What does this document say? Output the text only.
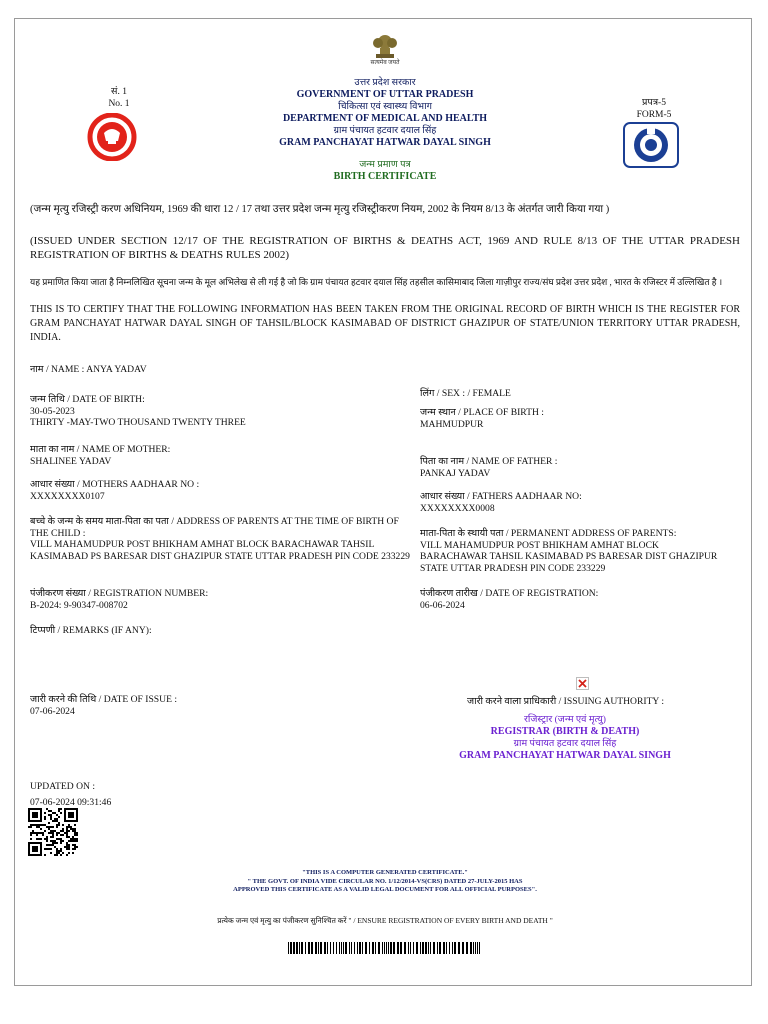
सत्यमेव जयते
सं. 1
No. 1
उत्तर प्रदेश सरकार
GOVERNMENT OF UTTAR PRADESH
चिकित्सा एवं स्वास्थ्य विभाग
DEPARTMENT OF MEDICAL AND HEALTH
ग्राम पंचायत हटवार दयाल सिंह
GRAM PANCHAYAT HATWAR DAYAL SINGH
जन्म प्रमाण पत्र
BIRTH CERTIFICATE
प्रपत्र-5
FORM-5
(जन्म मृत्यु रजिस्ट्री करण अधिनियम, 1969 की धारा 12 / 17 तथा उत्तर प्रदेश जन्म मृत्यु रजिस्ट्रीकरण नियम, 2002 के नियम 8/13 के अंतर्गत जारी किया गया )
(ISSUED UNDER SECTION 12/17 OF THE REGISTRATION OF BIRTHS & DEATHS ACT, 1969 AND RULE 8/13 OF THE UTTAR PRADESH REGISTRATION OF BIRTHS & DEATHS RULES 2002)
यह प्रमाणित किया जाता है निम्नलिखित सूचना जन्म के मूल अभिलेख से ली गई है जो कि ग्राम पंचायत हटवार दयाल सिंह तहसील कासिमाबाद जिला गाज़ीपुर राज्य/संघ प्रदेश उत्तर प्रदेश , भारत के रजिस्टर में उल्लिखित है ।
THIS IS TO CERTIFY THAT THE FOLLOWING INFORMATION HAS BEEN TAKEN FROM THE ORIGINAL RECORD OF BIRTH WHICH IS THE REGISTER FOR GRAM PANCHAYAT HATWAR DAYAL SINGH OF TAHSIL/BLOCK KASIMABAD OF DISTRICT GHAZIPUR OF STATE/UNION TERRITORY UTTAR PRADESH, INDIA.
नाम / NAME : ANYA YADAV
लिंग / SEX : / FEMALE
जन्म तिथि / DATE OF BIRTH:
30-05-2023
THIRTY -MAY-TWO THOUSAND TWENTY THREE
जन्म स्थान / PLACE OF BIRTH :
MAHMUDPUR
माता का नाम / NAME OF MOTHER:
SHALINEE YADAV	पिता का नाम / NAME OF FATHER :
PANKAJ YADAV
आधार संख्या / MOTHERS AADHAAR NO :
XXXXXXXX0107	आधार संख्या / FATHERS AADHAAR NO:
XXXXXXXX0008
बच्चे के जन्म के समय माता-पिता का पता / ADDRESS OF PARENTS AT THE TIME OF BIRTH OF THE CHILD :
VILL MAHAMUDPUR POST BHIKHAM AMHAT BLOCK BARACHAWAR TAHSIL KASIMABAD PS BARESAR DIST GHAZIPUR STATE UTTAR PRADESH PIN CODE 233229
माता-पिता के स्थायी पता / PERMANENT ADDRESS OF PARENTS:
VILL MAHAMUDPUR POST BHIKHAM AMHAT BLOCK BARACHAWAR TAHSIL KASIMABAD PS BARESAR DIST GHAZIPUR STATE UTTAR PRADESH PIN CODE 233229
पंजीकरण संख्या / REGISTRATION NUMBER:
B-2024: 9-90347-008702
पंजीकरण तारीख / DATE OF REGISTRATION:
06-06-2024
टिप्पणी / REMARKS (IF ANY):
जारी करने वाला प्राधिकारी / ISSUING AUTHORITY :
जारी करने की तिथि / DATE OF ISSUE :
07-06-2024
रजिस्ट्रार (जन्म एवं मृत्यु)
REGISTRAR (BIRTH & DEATH)
ग्राम पंचायत हटवार दयाल सिंह
GRAM PANCHAYAT HATWAR DAYAL SINGH
UPDATED ON :
07-06-2024 09:31:46
"THIS IS A COMPUTER GENERATED CERTIFICATE."
" THE GOVT. OF INDIA VIDE CIRCULAR NO. 1/12/2014-VS(CRS) DATED 27-JULY-2015 HAS
APPROVED THIS CERTIFICATE AS A VALID LEGAL DOCUMENT FOR ALL OFFICIAL PURPOSES".
प्रत्येक जन्म एवं मृत्यु का पंजीकरण सुनिश्चित करें " / ENSURE REGISTRATION OF EVERY BIRTH AND DEATH "
